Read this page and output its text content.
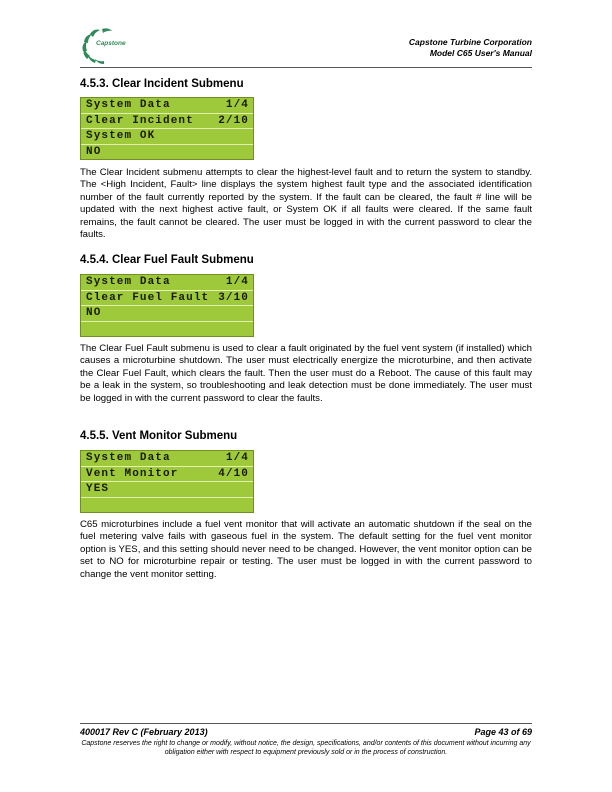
Capstone	Capstone Turbine Corporation
Model C65 User's Manual
4.5.3. Clear Incident Submenu
System Data	1/4
Clear Incident 2/10
System OK
NO
The Clear Incident submenu attempts to clear the highest-level fault and to return the system to standby. The <High Incident, Fault> line displays the system highest fault type and the associated identification number of the fault currently reported by the system. If the fault can be cleared, the fault # line will be updated with the next highest active fault, or System OK if all faults were cleared. If the same fault remains, the fault cannot be cleared. The user must be logged in with the current password to clear the faults.
4.5.4. Clear Fuel Fault Submenu
System Data	1/4
Clear Fuel Fault 3/10
NO
The Clear Fuel Fault submenu is used to clear a fault originated by the fuel vent system (if installed) which causes a microturbine shutdown. The user must electrically energize the microturbine, and then activate the Clear Fuel Fault, which clears the fault. Then the user must do a Reboot. The cause of this fault may be a leak in the system, so troubleshooting and leak detection must be done immediately. The user must be logged in with the current password to clear the faults.
4.5.5. Vent Monitor Submenu
System Data	1/4
Vent Monitor	4/10
YES
C65 microturbines include a fuel vent monitor that will activate an automatic shutdown if the seal on the fuel metering valve fails with gaseous fuel in the system. The default setting for the fuel vent monitor option is YES, and this setting should never need to be changed. However, the vent monitor option can be set to NO for microturbine repair or testing. The user must be logged in with the current password to change the vent monitor setting.
400017 Rev C (February 2013)	Page 43 of 69
Capstone reserves the right to change or modify, without notice, the design, specifications, and/or contents of this document without incurring any obligation either with respect to equipment previously sold or in the process of construction.
